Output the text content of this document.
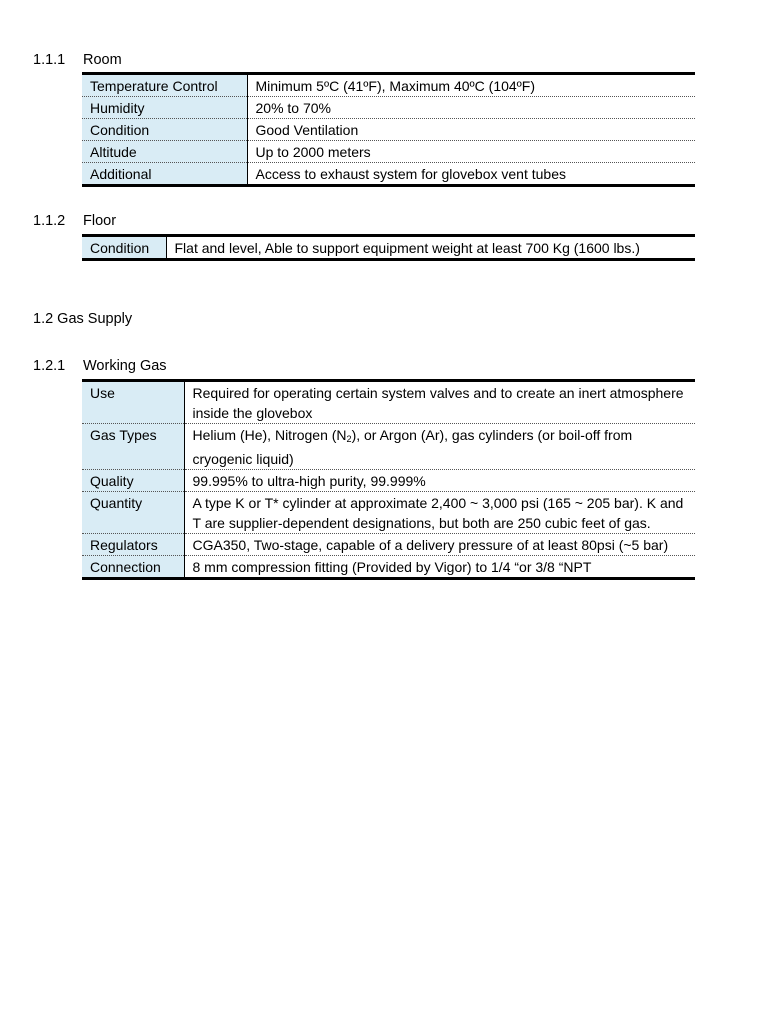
1.1.1 Room
Temperature Control	Minimum 5ºC (41ºF), Maximum 40ºC (104ºF)
Humidity	20% to 70%
Condition	Good Ventilation
Altitude	Up to 2000 meters
Additional	Access to exhaust system for glovebox vent tubes
1.1.2 Floor
Condition	Flat and level, Able to support equipment weight at least 700 Kg (1600 lbs.)
1.2 Gas Supply
1.2.1 Working Gas
Use	Required for operating certain system valves and to create an inert atmosphere inside the glovebox
Gas Types	Helium (He), Nitrogen (N2), or Argon (Ar), gas cylinders (or boil-off from cryogenic liquid)
Quality	99.995% to ultra-high purity, 99.999%
Quantity	A type K or T* cylinder at approximate 2,400 ~ 3,000 psi (165 ~ 205 bar). K and T are supplier-dependent designations, but both are 250 cubic feet of gas.
Regulators	CGA350, Two-stage, capable of a delivery pressure of at least 80psi (~5 bar)
Connection	8 mm compression fitting (Provided by Vigor) to 1/4 “or 3/8 “NPT
